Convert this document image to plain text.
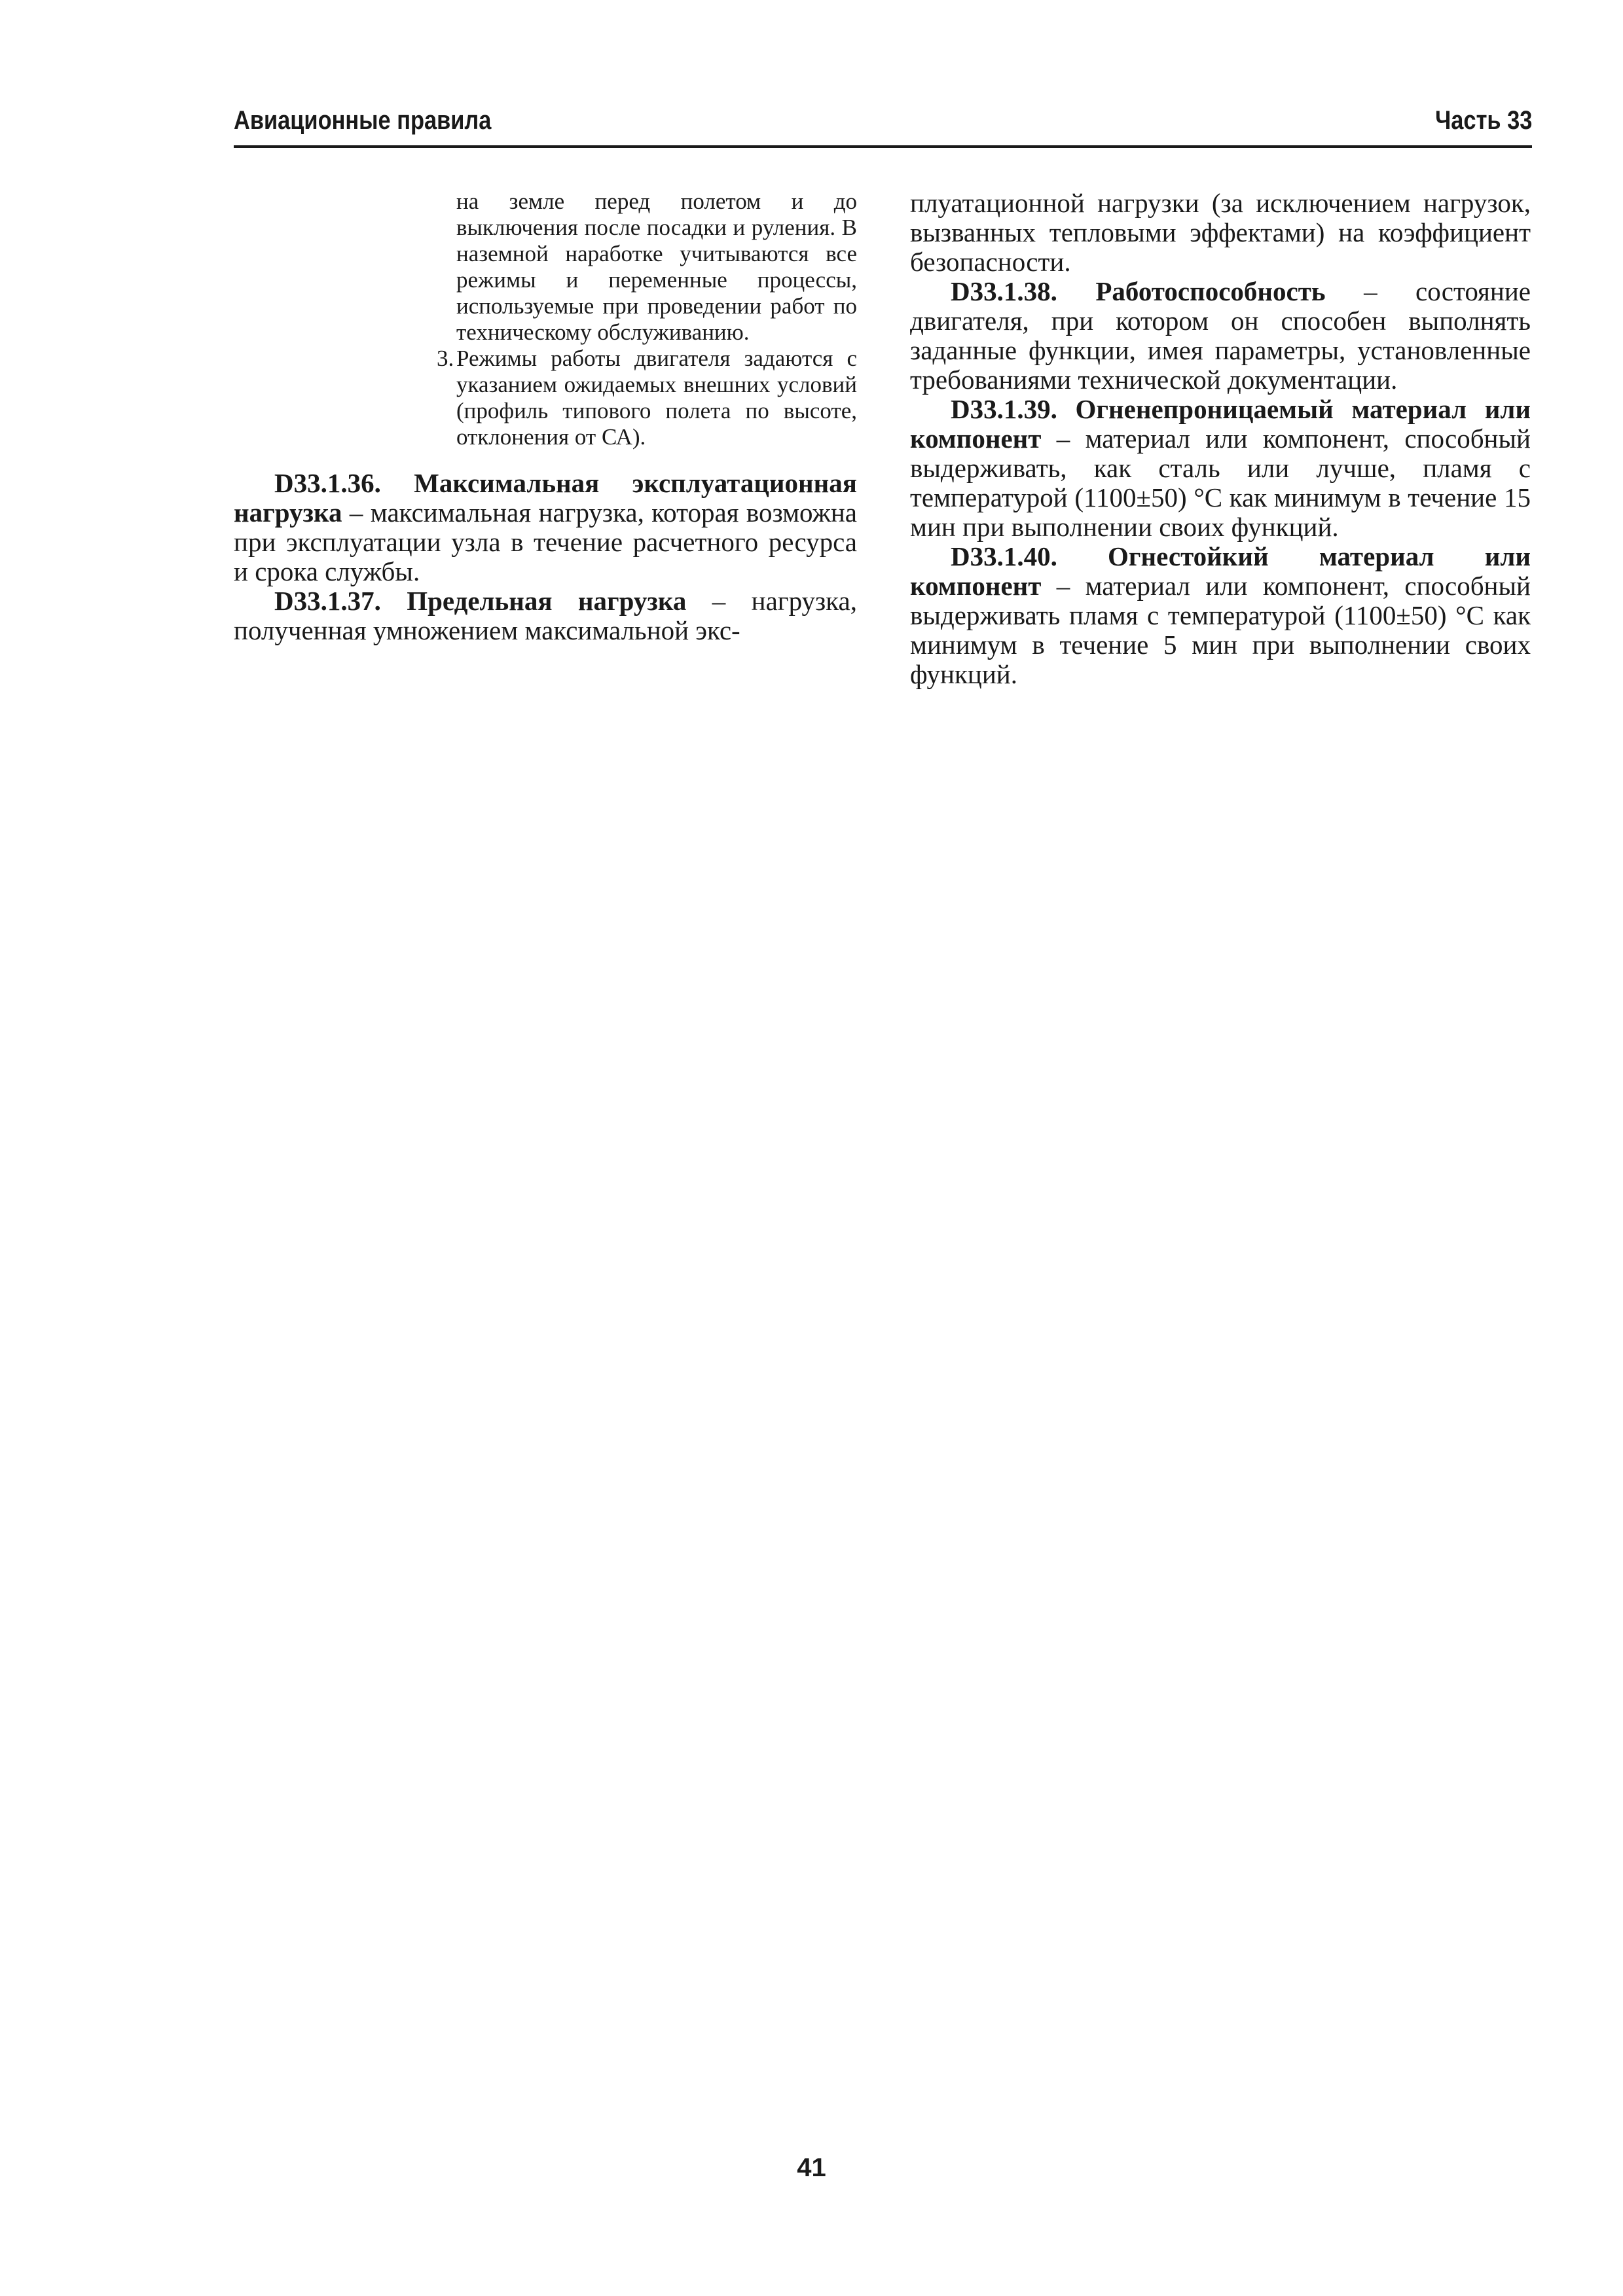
Авиационные правила	Часть 33
на земле перед полетом и до выключения после посадки и руления. В наземной наработке учитываются все режимы и переменные процессы, используемые при проведении работ по техническому обслуживанию.
3. Режимы работы двигателя задаются с указанием ожидаемых внешних условий (профиль типового полета по высоте, отклонения от СА).

D33.1.36. Максимальная эксплуатационная нагрузка – максимальная нагрузка, которая возможна при эксплуатации узла в течение расчетного ресурса и срока службы.

D33.1.37. Предельная нагрузка – нагрузка, полученная умножением максимальной экс-

плуатационной нагрузки (за исключением нагрузок, вызванных тепловыми эффектами) на коэффициент безопасности.

D33.1.38. Работоспособность – состояние двигателя, при котором он способен выполнять заданные функции, имея параметры, установленные требованиями технической документации.

D33.1.39. Огненепроницаемый материал или компонент – материал или компонент, способный выдерживать, как сталь или лучше, пламя с температурой (1100±50) °С как минимум в течение 15 мин при выполнении своих функций.

D33.1.40. Огнестойкий материал или компонент – материал или компонент, способный выдерживать пламя с температурой (1100±50) °С как минимум в течение 5 мин при выполнении своих функций.

41
